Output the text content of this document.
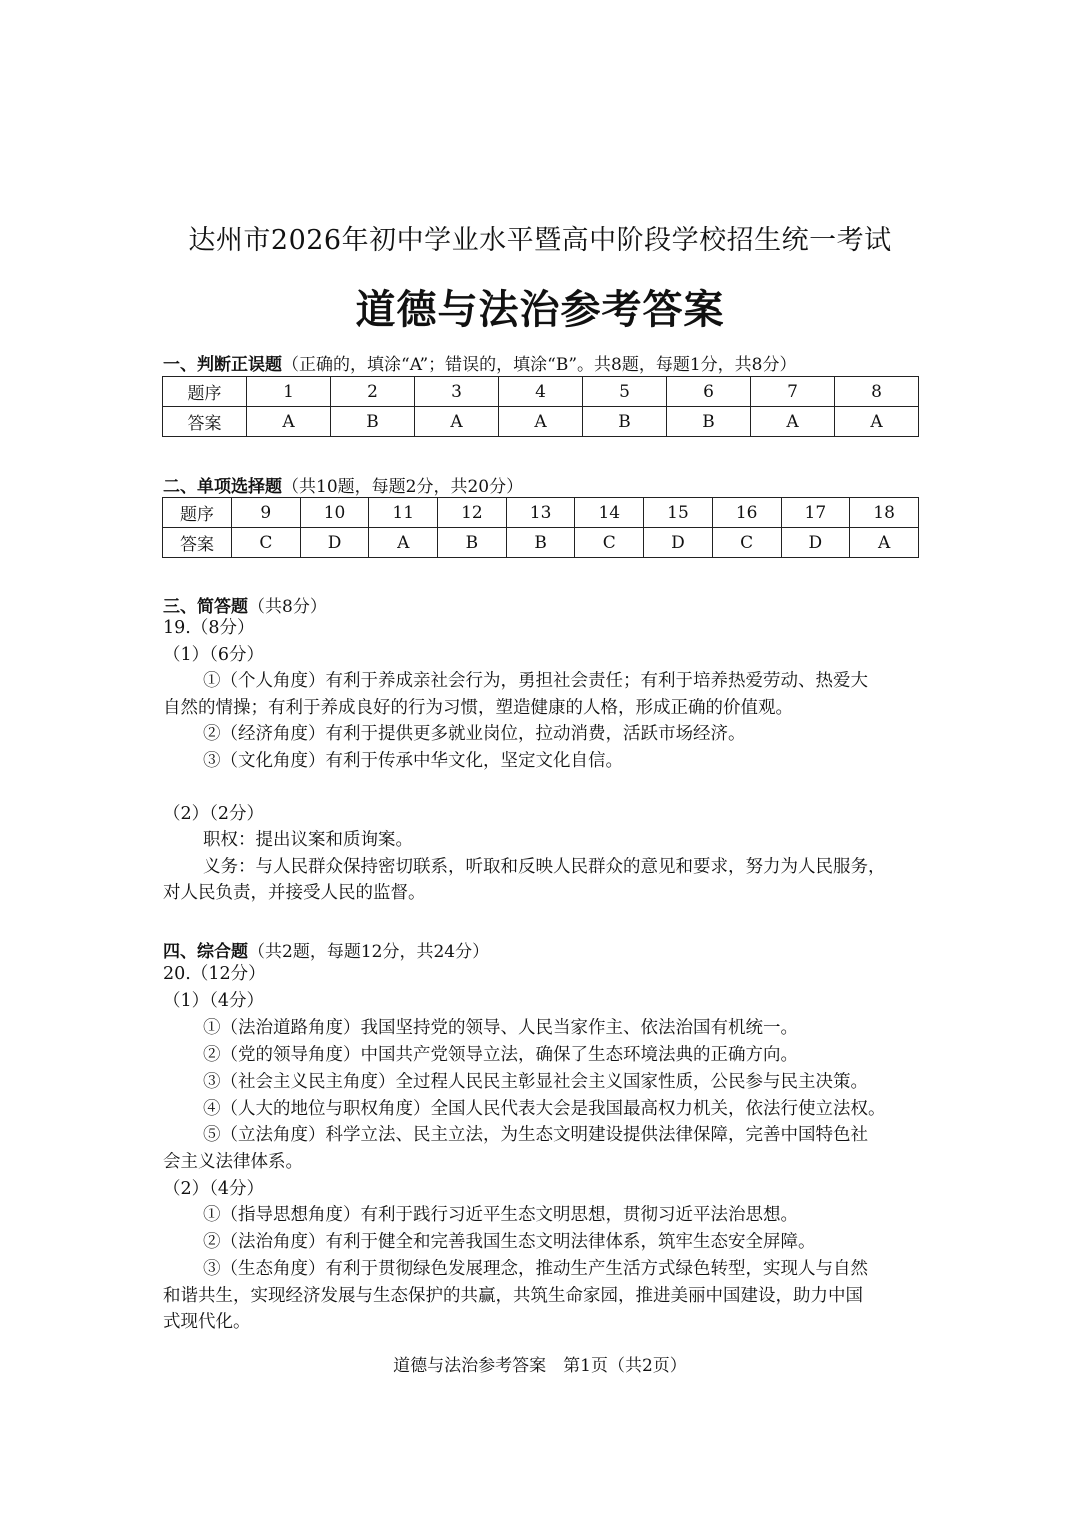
达州市2026年初中学业水平暨高中阶段学校招生统一考试
道德与法治参考答案
一、判断正误题（正确的，填涂“A”；错误的，填涂“B”。共8题，每题1分，共8分）
题序	1	2	3	4	5	6	7	8
答案	A	B	A	A	B	B	A	A
二、单项选择题（共10题，每题2分，共20分）
题序	9	10	11	12	13	14	15	16	17	18
答案	C	D	A	B	B	C	D	C	D	A
三、简答题（共8分）
19.（8分）
（1）（6分）
①（个人角度）有利于养成亲社会行为，勇担社会责任；有利于培养热爱劳动、热爱大
自然的情操；有利于养成良好的行为习惯，塑造健康的人格，形成正确的价值观。
②（经济角度）有利于提供更多就业岗位，拉动消费，活跃市场经济。
③（文化角度）有利于传承中华文化，坚定文化自信。
（2）（2分）
职权：提出议案和质询案。
义务：与人民群众保持密切联系，听取和反映人民群众的意见和要求，努力为人民服务，
对人民负责，并接受人民的监督。
四、综合题（共2题，每题12分，共24分）
20.（12分）
（1）（4分）
①（法治道路角度）我国坚持党的领导、人民当家作主、依法治国有机统一。
②（党的领导角度）中国共产党领导立法，确保了生态环境法典的正确方向。
③（社会主义民主角度）全过程人民民主彰显社会主义国家性质，公民参与民主决策。
④（人大的地位与职权角度）全国人民代表大会是我国最高权力机关，依法行使立法权。
⑤（立法角度）科学立法、民主立法，为生态文明建设提供法律保障，完善中国特色社
会主义法律体系。
（2）（4分）
①（指导思想角度）有利于践行习近平生态文明思想，贯彻习近平法治思想。
②（法治角度）有利于健全和完善我国生态文明法律体系，筑牢生态安全屏障。
③（生态角度）有利于贯彻绿色发展理念，推动生产生活方式绿色转型，实现人与自然
和谐共生，实现经济发展与生态保护的共赢，共筑生命家园，推进美丽中国建设，助力中国
式现代化。
道德与法治参考答案　第1页（共2页）
